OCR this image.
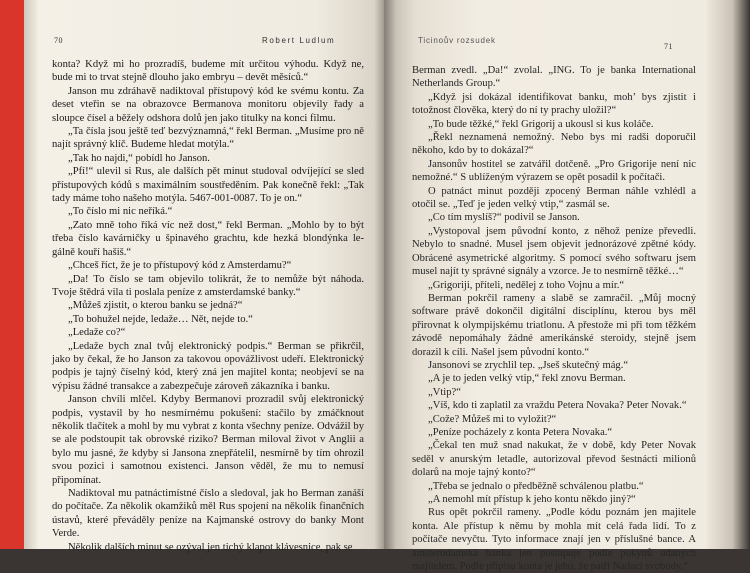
70	Robert Ludlum	Ticinoův rozsudek
71

konta? Když mi ho prozradíš, budeme mít určitou výhodu. Když ne, bude mi to trvat stejně dlouho jako embryu – devět měsíců.“

Janson mu zdráhavě nadiktoval přístupový kód ke svému kontu. Za deset vteřin se na obrazovce Bermanova monitoru objevily řady a sloupce čísel a běžely odshora dolů jen jako titulky na konci filmu.

„Ta čísla jsou ještě teď bezvýznamná,“ řekl Berman. „Musíme pro ně najít správný klíč. Budeme hledat motýla.“

„Tak ho najdi,“ pobídl ho Janson.

„Pfí!“ ulevil si Rus, ale dalších pět minut studoval odvíjející se sled přístupových kódů s maximálním soustředěním. Pak konečně řekl: „Tak tady máme toho našeho motýla. 5467-001-0087. To je on.“

„To číslo mi nic neříká.“

„Zato mně toho říká víc než dost,“ řekl Berman. „Mohlo by to být třeba číslo kavárničky u špinavého grachtu, kde hezká blondýnka le-gálně kouří hašiš.“

„Chceš říct, že je to přístupový kód z Amsterdamu?“

„Da! To číslo se tam objevilo tolikrát, že to nemůže být náhoda. Tvoje štědrá vila ti poslala peníze z amsterdamské banky.“

„Můžeš zjistit, o kterou banku se jedná?“

„To bohužel nejde, ledaže… Nět, nejde to.“

„Ledaže co?“

„Ledaže bych znal tvůj elektronický podpis.“ Berman se přikrčil, jako by čekal, že ho Janson za takovou opovážlivost udeří. Elektronický podpis je tajný číselný kód, který zná jen majitel konta; neobjeví se na výpisu žádné transakce a zabezpečuje zároveň zákazníka i banku.

Janson chvíli mlčel. Kdyby Bermanovi prozradil svůj elektronický podpis, vystavil by ho nesmírnému pokušení: stačilo by zmáčknout několik tlačítek a mohl by mu vybrat z konta všechny peníze. Odvážil by se ale podstoupit tak obrovské riziko? Berman miloval život v Anglii a bylo mu jasné, že kdyby si Jansona znepřátelil, nesmírně by tím ohrozil svou pozici i samotnou existenci. Janson věděl, že mu to nemusí připomínat.

Nadiktoval mu patnáctimístné číslo a sledoval, jak ho Berman zanáší do počítače. Za několik okamžiků měl Rus spojení na několik finančních ústavů, které převáděly peníze na Kajmanské ostrovy do banky Mont Verde.

Několik dalších minut se ozýval jen tichý klapot klávesnice, pak se

Berman zvedl. „Da!“ zvolal. „ING. To je banka International Netherlands Group.“

„Když jsi dokázal identifikovat banku, moh’ bys zjistit i totožnost člověka, který do ní ty prachy uložil?“

„To bude těžké,“ řekl Grigorij a ukousl si kus koláče.

„Řekl neznamená nemožný. Nebo bys mi radši doporučil někoho, kdo by to dokázal?“

Jansonův hostitel se zatvářil dotčeně. „Pro Grigorije není nic nemožné.“ S ublíženým výrazem se opět posadil k počítači.

O patnáct minut později zpocený Berman náhle vzhlédl a otočil se. „Teď je jeden velký vtip,“ zasmál se.

„Co tím myslíš?“ podivil se Janson.

„Vystopoval jsem původní konto, z něhož peníze převedli. Nebylo to snadné. Musel jsem objevit jednorázové zpětné kódy. Obrácené asymetrické algoritmy. S pomocí svého softwaru jsem musel najít ty správné signály a vzorce. Je to nesmírně těžké…“

„Grigoriji, příteli, nedělej z toho Vojnu a mír.“

Berman pokrčil rameny a slabě se zamračil. „Můj mocný software právě dokončil digitální disciplínu, kterou bys měl přirovnat k olympijskému triatlonu. A přestože mi při tom těžkém závodě nepomáhaly žádné amerikánské steroidy, stejně jsem dorazil k cíli. Našel jsem původní konto.“

Jansonovi se zrychlil tep. „Jseš skutečný mág.“

„A je to jeden velký vtip,“ řekl znovu Berman.

„Vtip?“

„Víš, kdo ti zaplatil za vraždu Petera Novaka? Peter Novak.“

„Cože? Můžeš mi to vyložit?“

„Peníze pocházely z konta Petera Novaka.“

„Čekal ten muž snad nakukat, že v době, kdy Peter Novak seděl v anurským letadle, autorizoval převod šestnácti milionů dolarů na moje tajný konto?“

„Třeba se jednalo o předběžně schválenou platbu.“

„A nemohl mít přístup k jeho kontu někdo jiný?“

Rus opět pokrčil rameny. „Podle kódu poznám jen majitele konta. Ale přístup k němu by mohla mít celá řada lidí. To z počítače nevyčtu. Tyto informace znají jen v příslušné bance. A amsterodamská banka jen postupuje podle pokynů udaných majitelem. Podle přípisu konta je jeho, že patří Nadaci svobody.“
